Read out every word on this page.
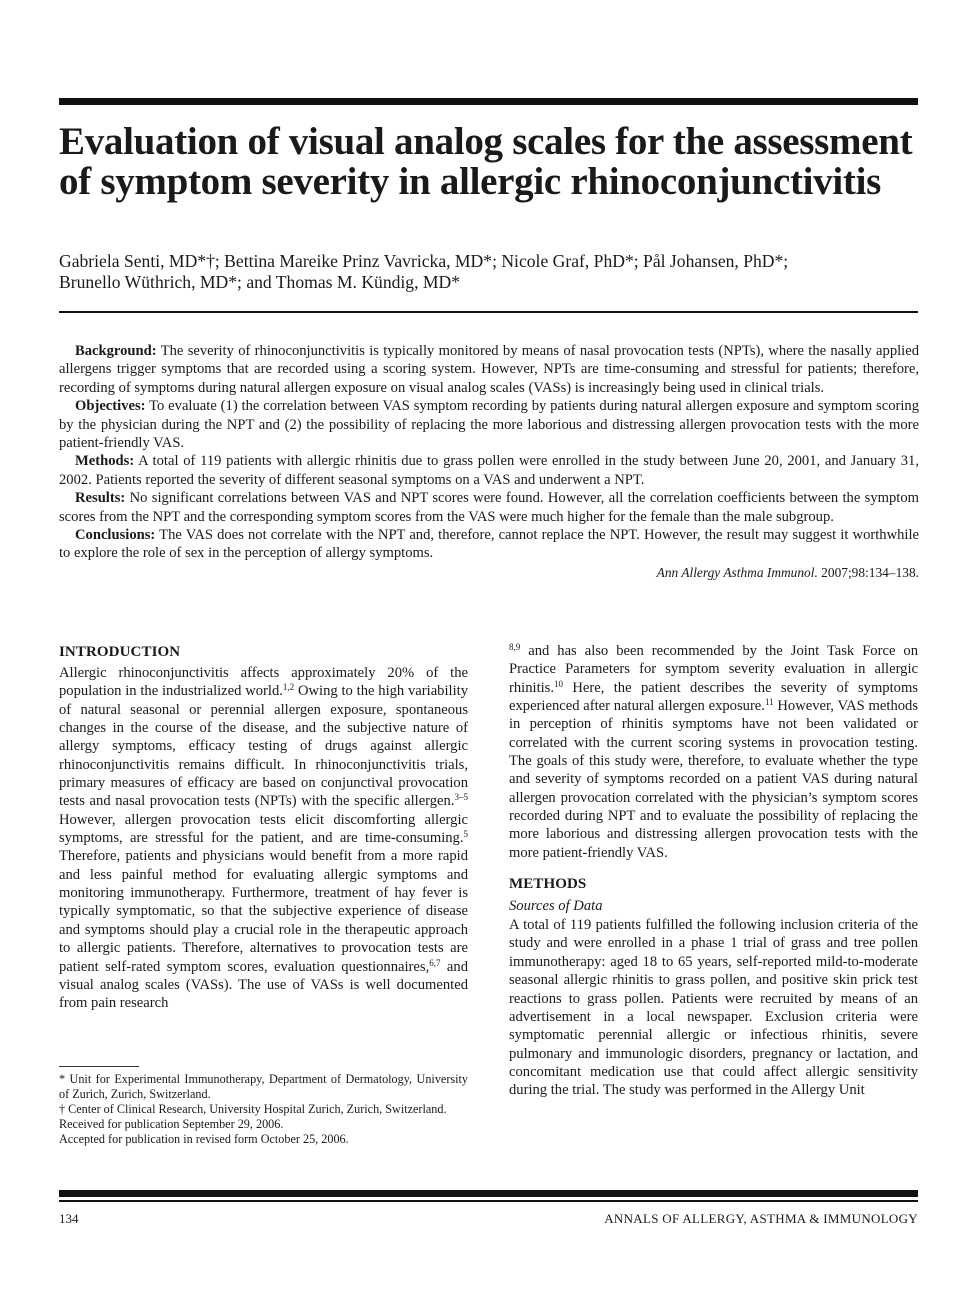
Evaluation of visual analog scales for the assessment of symptom severity in allergic rhinoconjunctivitis
Gabriela Senti, MD*†; Bettina Mareike Prinz Vavricka, MD*; Nicole Graf, PhD*; Pål Johansen, PhD*;
Brunello Wüthrich, MD*; and Thomas M. Kündig, MD*

Background: The severity of rhinoconjunctivitis is typically monitored by means of nasal provocation tests (NPTs), where the nasally applied allergens trigger symptoms that are recorded using a scoring system. However, NPTs are time-consuming and stressful for patients; therefore, recording of symptoms during natural allergen exposure on visual analog scales (VASs) is increasingly being used in clinical trials.

Objectives: To evaluate (1) the correlation between VAS symptom recording by patients during natural allergen exposure and symptom scoring by the physician during the NPT and (2) the possibility of replacing the more laborious and distressing allergen provocation tests with the more patient-friendly VAS.

Methods: A total of 119 patients with allergic rhinitis due to grass pollen were enrolled in the study between June 20, 2001, and January 31, 2002. Patients reported the severity of different seasonal symptoms on a VAS and underwent a NPT.

Results: No significant correlations between VAS and NPT scores were found. However, all the correlation coefficients between the symptom scores from the NPT and the corresponding symptom scores from the VAS were much higher for the female than the male subgroup.

Conclusions: The VAS does not correlate with the NPT and, therefore, cannot replace the NPT. However, the result may suggest it worthwhile to explore the role of sex in the perception of allergy symptoms.

Ann Allergy Asthma Immunol. 2007;98:134–138.
INTRODUCTION

Allergic rhinoconjunctivitis affects approximately 20% of the population in the industrialized world.$^{1,2}$ Owing to the high variability of natural seasonal or perennial allergen exposure, spontaneous changes in the course of the disease, and the subjective nature of allergy symptoms, efficacy testing of drugs against allergic rhinoconjunctivitis remains difficult. In rhinoconjunctivitis trials, primary measures of efficacy are based on conjunctival provocation tests and nasal provocation tests (NPTs) with the specific allergen.$^{3-5}$ However, allergen provocation tests elicit discomforting allergic symptoms, are stressful for the patient, and are time-consuming.$^5$ Therefore, patients and physicians would benefit from a more rapid and less painful method for evaluating allergic symptoms and monitoring immunotherapy. Furthermore, treatment of hay fever is typically symptomatic, so that the subjective experience of disease and symptoms should play a crucial role in the therapeutic approach to allergic patients. Therefore, alternatives to provocation tests are patient self-rated symptom scores, evaluation questionnaires,$^{6,7}$ and visual analog scales (VASs). The use of VASs is well documented from pain research

* Unit for Experimental Immunotherapy, Department of Dermatology, University of Zurich, Zurich, Switzerland.

† Center of Clinical Research, University Hospital Zurich, Zurich, Switzerland.

Received for publication September 29, 2006.

Accepted for publication in revised form October 25, 2006.

$^{8,9}$ and has also been recommended by the Joint Task Force on Practice Parameters for symptom severity evaluation in allergic rhinitis.$^{10}$ Here, the patient describes the severity of symptoms experienced after natural allergen exposure.$^{11}$ However, VAS methods in perception of rhinitis symptoms have not been validated or correlated with the current scoring systems in provocation testing. The goals of this study were, therefore, to evaluate whether the type and severity of symptoms recorded on a patient VAS during natural allergen provocation correlated with the physician’s symptom scores recorded during NPT and to evaluate the possibility of replacing the more laborious and distressing allergen provocation tests with the more patient-friendly VAS.

METHODS
Sources of Data

A total of 119 patients fulfilled the following inclusion criteria of the study and were enrolled in a phase 1 trial of grass and tree pollen immunotherapy: aged 18 to 65 years, self-reported mild-to-moderate seasonal allergic rhinitis to grass pollen, and positive skin prick test reactions to grass pollen. Patients were recruited by means of an advertisement in a local newspaper. Exclusion criteria were symptomatic perennial allergic or infectious rhinitis, severe pulmonary and immunologic disorders, pregnancy or lactation, and concomitant medication use that could affect allergic sensitivity during the trial. The study was performed in the Allergy Unit

134	ANNALS OF ALLERGY, ASTHMA & IMMUNOLOGY
